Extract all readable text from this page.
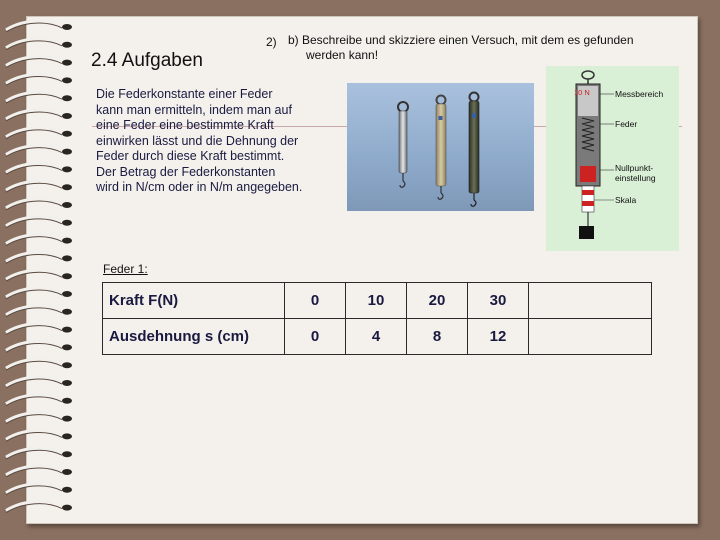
2.4 Aufgaben
2) b) Beschreibe und skizziere einen Versuch, mit dem es gefunden
werden kann!
Die Federkonstante einer Feder
kann man ermitteln, indem man auf
eine Feder eine bestimmte Kraft
einwirken lässt und die Dehnung der
Feder durch diese Kraft bestimmt.
Der Betrag der Federkonstanten
wird in N/cm oder in N/m angegeben.
10 N	Messbereich
Feder
Nullpunkt-
einstellung
Skala
Feder 1:
Kraft F(N)	0	10	20	30	
Ausdehnung s (cm)	0	4	8	12	
